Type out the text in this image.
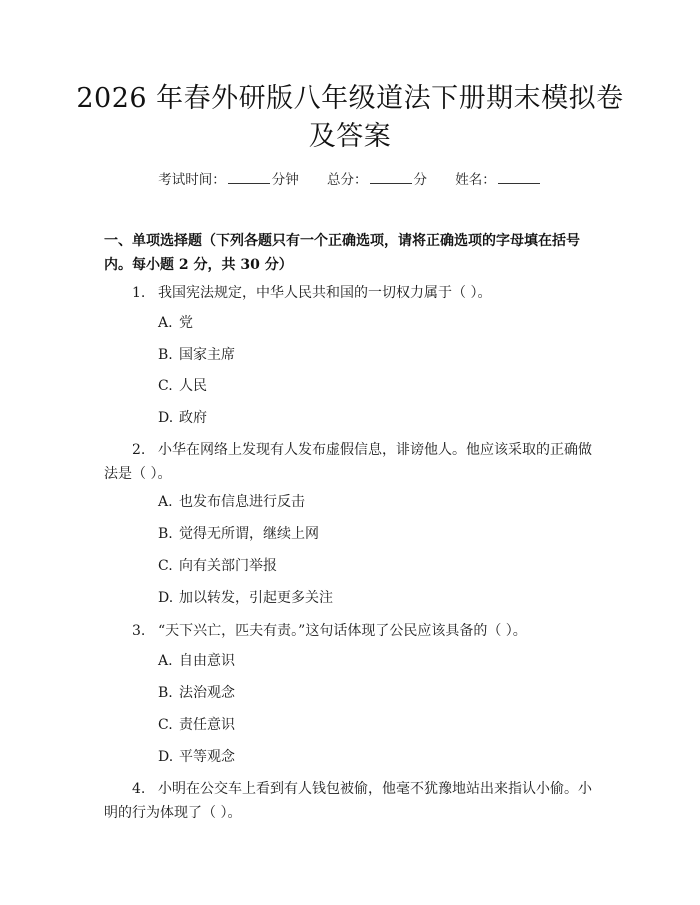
2026 年春外研版八年级道法下册期末模拟卷
及答案
考试时间：	分钟 总分：	分 姓名：
一、单项选择题（下列各题只有一个正确选项，请将正确选项的字母填在括号内。每小题 2 分，共 30 分）
1. 我国宪法规定，中华人民共和国的一切权力属于（ ）。
A. 党
B. 国家主席
C. 人民
D. 政府
2. 小华在网络上发现有人发布虚假信息，诽谤他人。他应该采取的正确做法是（ ）。
A. 也发布信息进行反击
B. 觉得无所谓，继续上网
C. 向有关部门举报
D. 加以转发，引起更多关注
3. “天下兴亡，匹夫有责。”这句话体现了公民应该具备的（ ）。
A. 自由意识
B. 法治观念
C. 责任意识
D. 平等观念
4. 小明在公交车上看到有人钱包被偷，他毫不犹豫地站出来指认小偷。小明的行为体现了（ ）。
